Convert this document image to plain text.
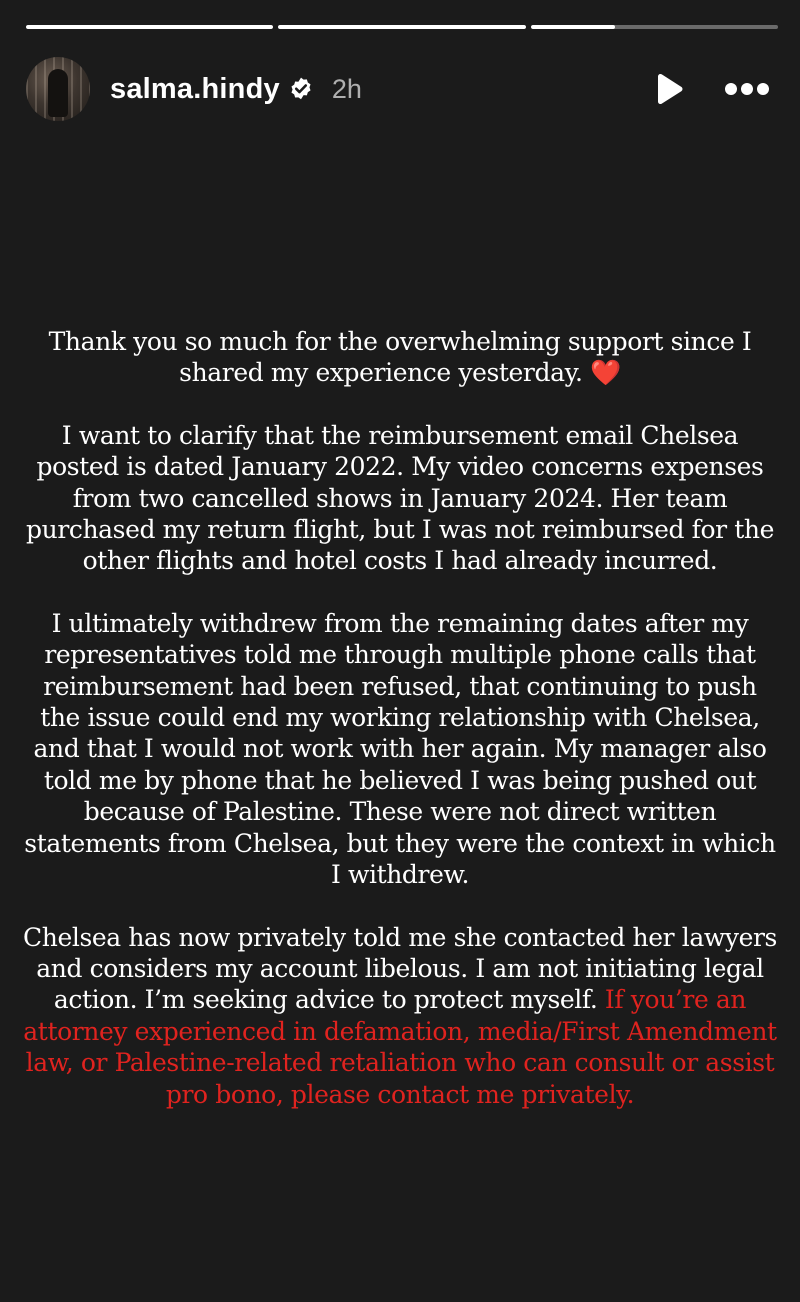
salma.hindy 2h

Thank you so much for the overwhelming support since I shared my experience yesterday. ❤️

I want to clarify that the reimbursement email Chelsea posted is dated January 2022. My video concerns expenses from two cancelled shows in January 2024. Her team purchased my return flight, but I was not reimbursed for the other flights and hotel costs I had already incurred.

I ultimately withdrew from the remaining dates after my representatives told me through multiple phone calls that reimbursement had been refused, that continuing to push the issue could end my working relationship with Chelsea, and that I would not work with her again. My manager also told me by phone that he believed I was being pushed out because of Palestine. These were not direct written statements from Chelsea, but they were the context in which I withdrew.

Chelsea has now privately told me she contacted her lawyers and considers my account libelous. I am not initiating legal action. I’m seeking advice to protect myself. If you’re an attorney experienced in defamation, media/First Amendment law, or Palestine-related retaliation who can consult or assist pro bono, please contact me privately.
